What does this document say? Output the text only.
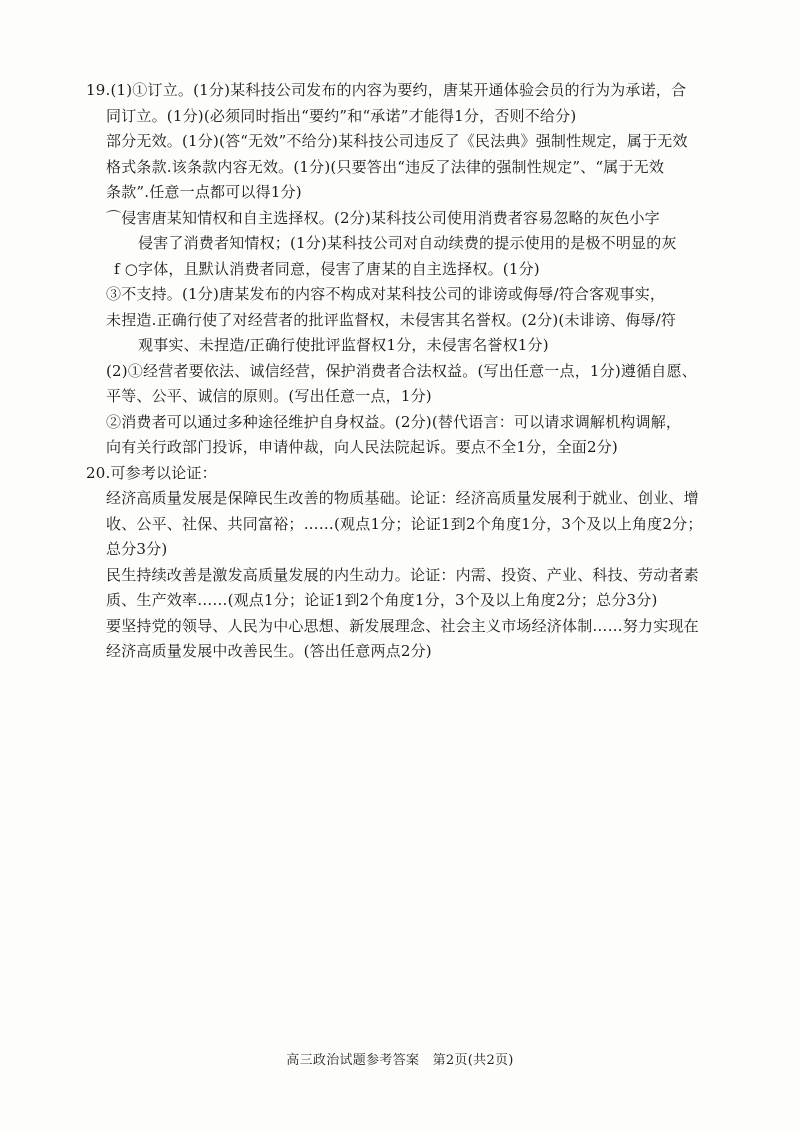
19.(1)①订立。(1分)某科技公司发布的内容为要约，唐某开通体验会员的行为为承诺，合
同订立。(1分)(必须同时指出“要约”和“承诺”才能得1分，否则不给分)
部分无效。(1分)(答“无效”不给分)某科技公司违反了《民法典》强制性规定，属于无效
格式条款.该条款内容无效。(1分)(只要答出“违反了法律的强制性规定”、“属于无效
条款”.任意一点都可以得1分)
⌒侵害唐某知情权和自主选择权。(2分)某科技公司使用消费者容易忽略的灰色小字
侵害了消费者知情权；(1分)某科技公司对自动续费的提示使用的是极不明显的灰
f ○字体，且默认消费者同意，侵害了唐某的自主选择权。(1分)
③不支持。(1分)唐某发布的内容不构成对某科技公司的诽谤或侮辱/符合客观事实，
未捏造.正确行使了对经营者的批评监督权，未侵害其名誉权。(2分)(未诽谤、侮辱/符
观事实、未捏造/正确行使批评监督权1分，未侵害名誉权1分)
(2)①经营者要依法、诚信经营，保护消费者合法权益。(写出任意一点，1分)遵循自愿、
平等、公平、诚信的原则。(写出任意一点，1分)
②消费者可以通过多种途径维护自身权益。(2分)(替代语言：可以请求调解机构调解，
向有关行政部门投诉，申请仲裁，向人民法院起诉。要点不全1分，全面2分)
20.可参考以论证：
经济高质量发展是保障民生改善的物质基础。论证：经济高质量发展利于就业、创业、增
收、公平、社保、共同富裕；……(观点1分；论证1到2个角度1分，3个及以上角度2分；
总分3分)
民生持续改善是激发高质量发展的内生动力。论证：内需、投资、产业、科技、劳动者素
质、生产效率……(观点1分；论证1到2个角度1分，3个及以上角度2分；总分3分)
要坚持党的领导、人民为中心思想、新发展理念、社会主义市场经济体制……努力实现在
经济高质量发展中改善民生。(答出任意两点2分)
高三政治试题参考答案　第2页(共2页)
